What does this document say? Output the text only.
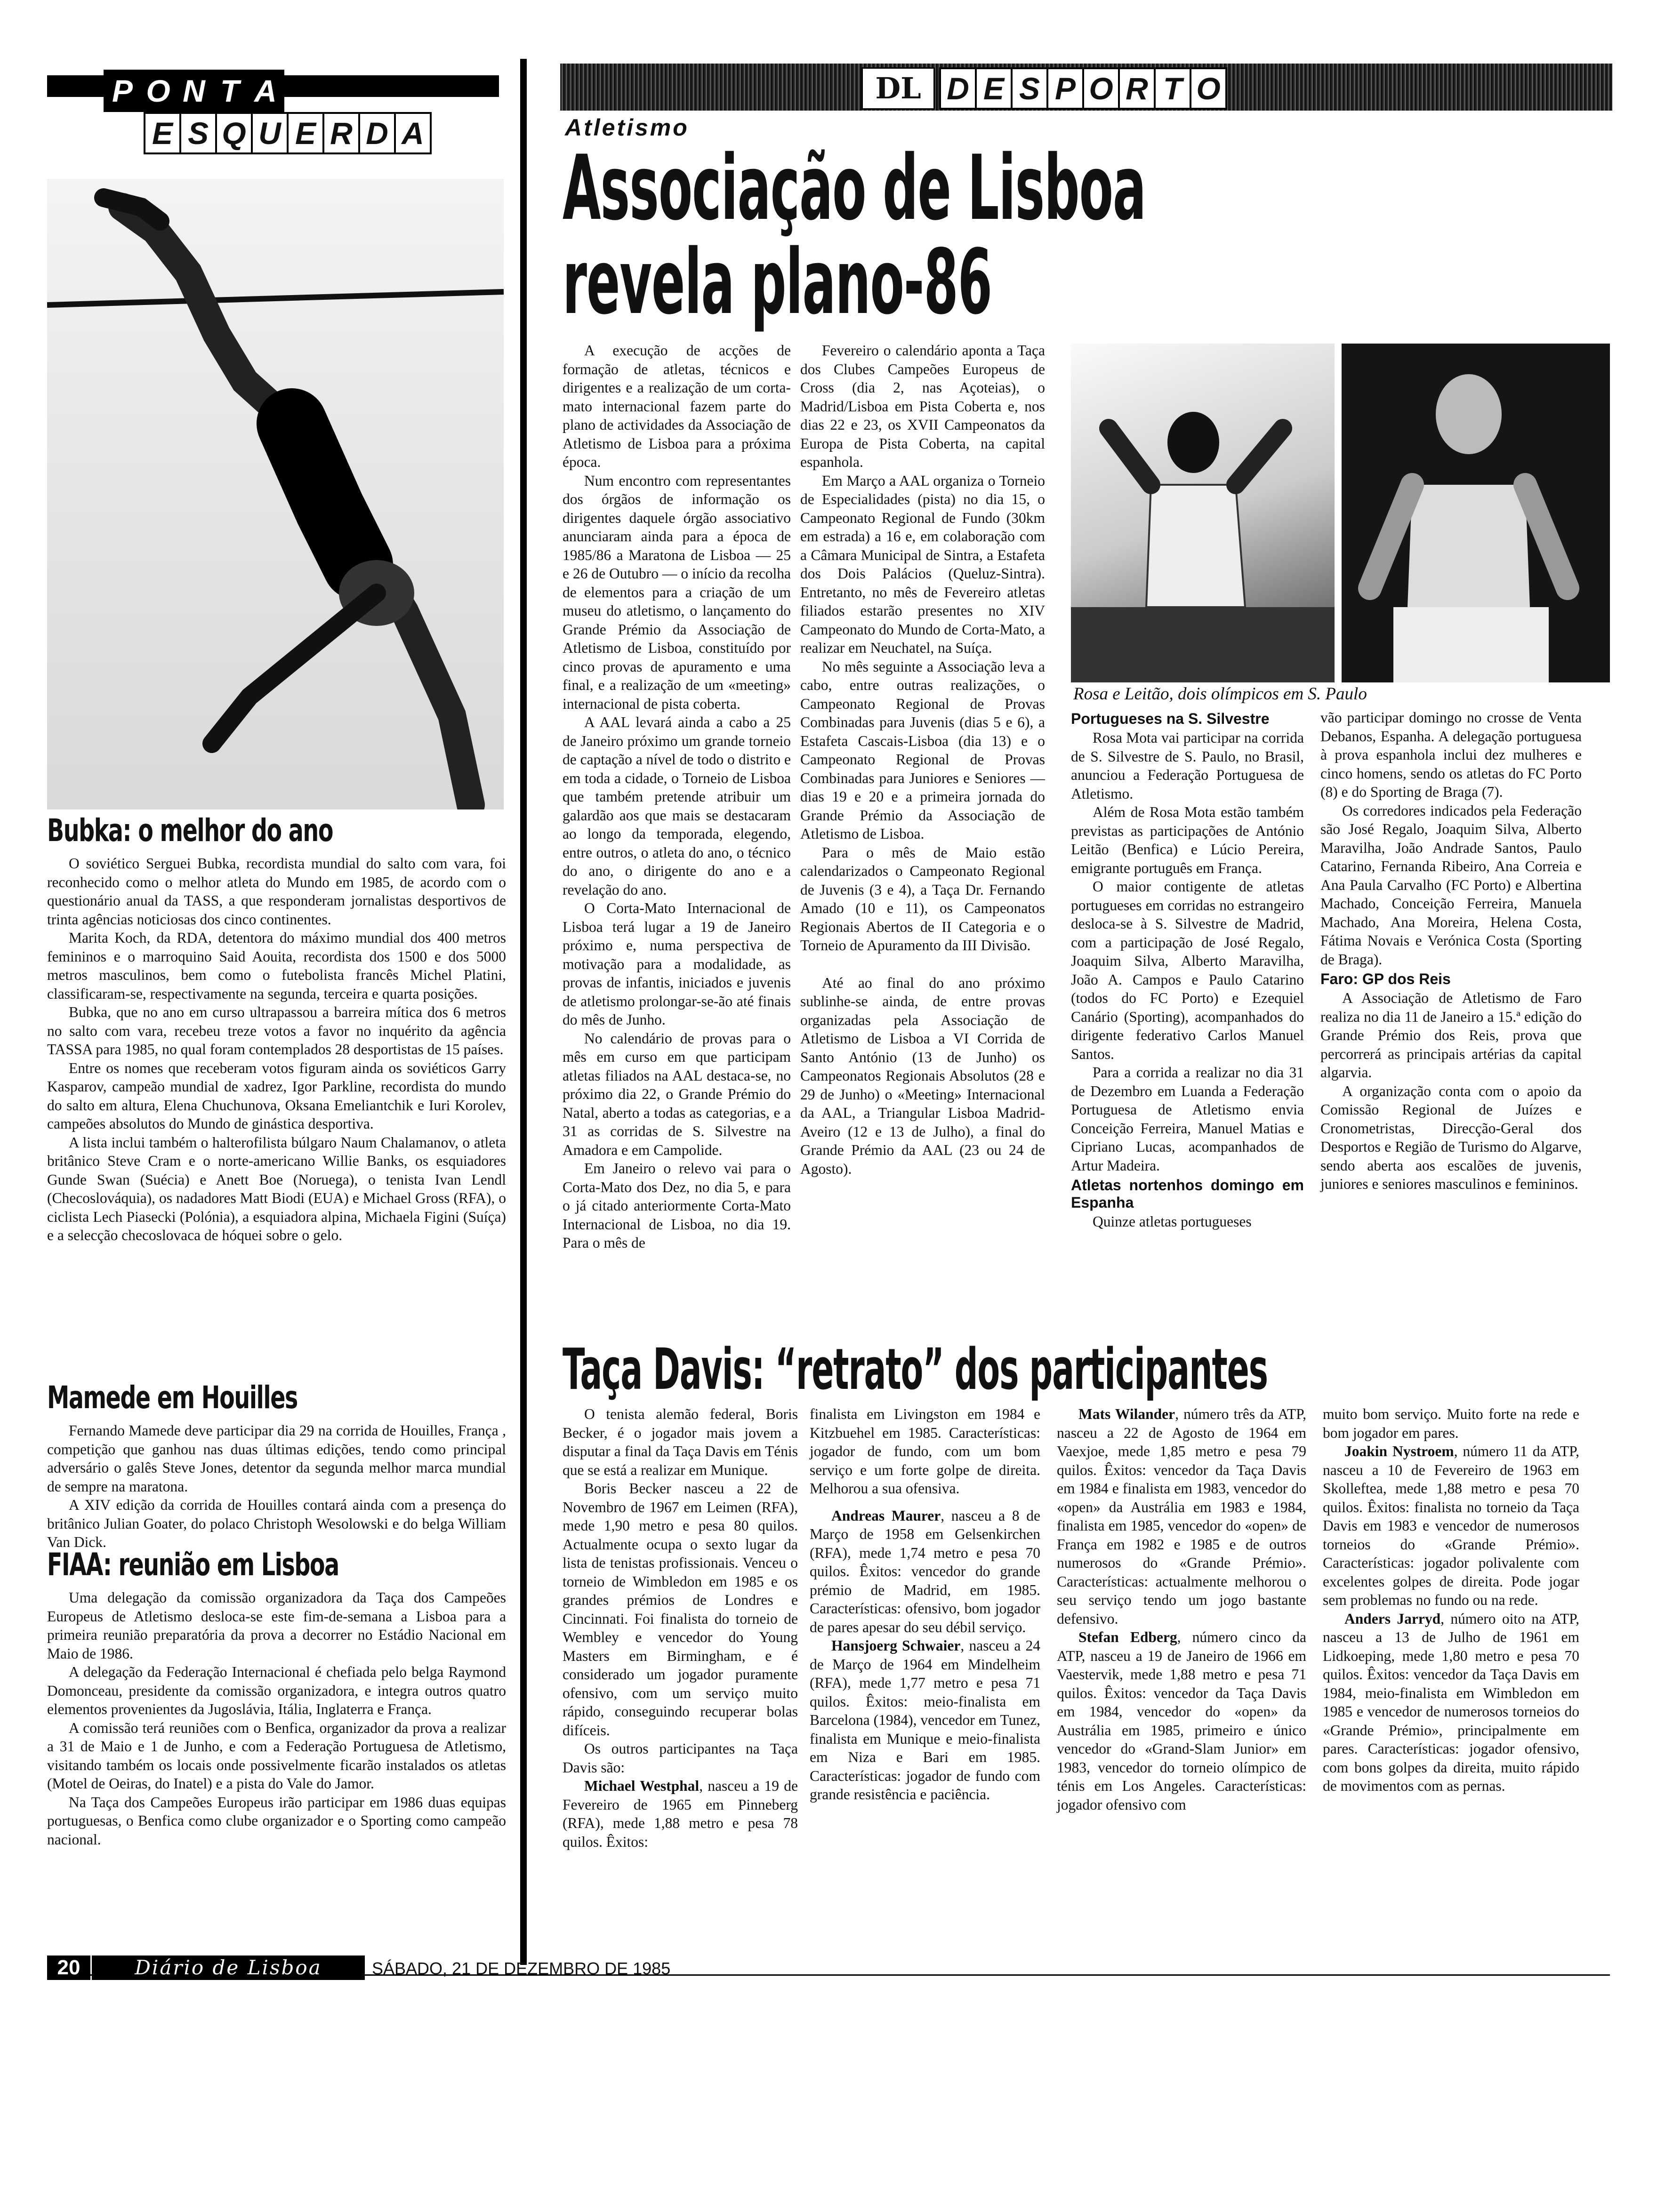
P O N T A
E S Q U E R D A
Bubka: o melhor do ano

O soviético Serguei Bubka, recordista mundial do salto com vara, foi reconhecido como o melhor atleta do Mundo em 1985, de acordo com o questionário anual da TASS, a que responderam jornalistas desportivos de trinta agências noticiosas dos cinco continentes.

Marita Koch, da RDA, detentora do máximo mundial dos 400 metros femininos e o marroquino Said Aouita, recordista dos 1500 e dos 5000 metros masculinos, bem como o futebolista francês Michel Platini, classificaram-se, respectivamente na segunda, terceira e quarta posições.

Bubka, que no ano em curso ultrapassou a barreira mítica dos 6 metros no salto com vara, recebeu treze votos a favor no inquérito da agência TASSA para 1985, no qual foram contemplados 28 desportistas de 15 países.

Entre os nomes que receberam votos figuram ainda os soviéticos Garry Kasparov, campeão mundial de xadrez, Igor Parkline, recordista do mundo do salto em altura, Elena Chuchunova, Oksana Emeliantchik e Iuri Korolev, campeões absolutos do Mundo de ginástica desportiva.

A lista inclui também o halterofilista búlgaro Naum Chalamanov, o atleta britânico Steve Cram e o norte-americano Willie Banks, os esquiadores Gunde Swan (Suécia) e Anett Boe (Noruega), o tenista Ivan Lendl (Checoslováquia), os nadadores Matt Biodi (EUA) e Michael Gross (RFA), o ciclista Lech Piasecki (Polónia), a esquiadora alpina, Michaela Figini (Suíça) e a selecção checoslovaca de hóquei sobre o gelo.

Mamede em Houilles

Fernando Mamede deve participar dia 29 na corrida de Houilles, França , competição que ganhou nas duas últimas edições, tendo como principal adversário o galês Steve Jones, detentor da segunda melhor marca mundial de sempre na maratona.

A XIV edição da corrida de Houilles contará ainda com a presença do britânico Julian Goater, do polaco Christoph Wesolowski e do belga William Van Dick.

FIAA: reunião em Lisboa

Uma delegação da comissão organizadora da Taça dos Campeões Europeus de Atletismo desloca-se este fim-de-semana a Lisboa para a primeira reunião preparatória da prova a decorrer no Estádio Nacional em Maio de 1986.

A delegação da Federação Internacional é chefiada pelo belga Raymond Domonceau, presidente da comissão organizadora, e integra outros quatro elementos provenientes da Jugoslávia, Itália, Inglaterra e França.

A comissão terá reuniões com o Benfica, organizador da prova a realizar a 31 de Maio e 1 de Junho, e com a Federação Portuguesa de Atletismo, visitando também os locais onde possivelmente ficarão instalados os atletas (Motel de Oeiras, do Inatel) e a pista do Vale do Jamor.

Na Taça dos Campeões Europeus irão participar em 1986 duas equipas portuguesas, o Benfica como clube organizador e o Sporting como campeão nacional.

DL D E S P O R T O
Atletismo
Associação de Lisboa
revela plano-86

A execução de acções de formação de atletas, técnicos e dirigentes e a realização de um corta-mato internacional fazem parte do plano de actividades da Associação de Atletismo de Lisboa para a próxima época.

Num encontro com representantes dos órgãos de informação os dirigentes daquele órgão associativo anunciaram ainda para a época de 1985/86 a Maratona de Lisboa — 25 e 26 de Outubro — o início da recolha de elementos para a criação de um museu do atletismo, o lançamento do Grande Prémio da Associação de Atletismo de Lisboa, constituído por cinco provas de apuramento e uma final, e a realização de um «meeting» internacional de pista coberta.

A AAL levará ainda a cabo a 25 de Janeiro próximo um grande torneio de captação a nível de todo o distrito e em toda a cidade, o Torneio de Lisboa que também pretende atribuir um galardão aos que mais se destacaram ao longo da temporada, elegendo, entre outros, o atleta do ano, o técnico do ano, o dirigente do ano e a revelação do ano.

O Corta-Mato Internacional de Lisboa terá lugar a 19 de Janeiro próximo e, numa perspectiva de motivação para a modalidade, as provas de infantis, iniciados e juvenis de atletismo prolongar-se-ão até finais do mês de Junho.

No calendário de provas para o mês em curso em que participam atletas filiados na AAL destaca-se, no próximo dia 22, o Grande Prémio do Natal, aberto a todas as categorias, e a 31 as corridas de S. Silvestre na Amadora e em Campolide.

Em Janeiro o relevo vai para o Corta-Mato dos Dez, no dia 5, e para o já citado anteriormente Corta-Mato Internacional de Lisboa, no dia 19. Para o mês de

Fevereiro o calendário aponta a Taça dos Clubes Campeões Europeus de Cross (dia 2, nas Açoteias), o Madrid/Lisboa em Pista Coberta e, nos dias 22 e 23, os XVII Campeonatos da Europa de Pista Coberta, na capital espanhola.

Em Março a AAL organiza o Torneio de Especialidades (pista) no dia 15, o Campeonato Regional de Fundo (30km em estrada) a 16 e, em colaboração com a Câmara Municipal de Sintra, a Estafeta dos Dois Palácios (Queluz-Sintra). Entretanto, no mês de Fevereiro atletas filiados estarão presentes no XIV Campeonato do Mundo de Corta-Mato, a realizar em Neuchatel, na Suíça.

No mês seguinte a Associação leva a cabo, entre outras realizações, o Campeonato Regional de Provas Combinadas para Juvenis (dias 5 e 6), a Estafeta Cascais-Lisboa (dia 13) e o Campeonato Regional de Provas Combinadas para Juniores e Seniores — dias 19 e 20 e a primeira jornada do Grande Prémio da Associação de Atletismo de Lisboa.

Para o mês de Maio estão calendarizados o Campeonato Regional de Juvenis (3 e 4), a Taça Dr. Fernando Amado (10 e 11), os Campeonatos Regionais Abertos de II Categoria e o Torneio de Apuramento da III Divisão.

Até ao final do ano próximo sublinhe-se ainda, de entre provas organizadas pela Associação de Atletismo de Lisboa a VI Corrida de Santo António (13 de Junho) os Campeonatos Regionais Absolutos (28 e 29 de Junho) o «Meeting» Internacional da AAL, a Triangular Lisboa Madrid-Aveiro (12 e 13 de Julho), a final do Grande Prémio da AAL (23 ou 24 de Agosto).

Rosa e Leitão, dois olímpicos em S. Paulo
Portugueses na S. Silvestre

Rosa Mota vai participar na corrida de S. Silvestre de S. Paulo, no Brasil, anunciou a Federação Portuguesa de Atletismo.

Além de Rosa Mota estão também previstas as participações de António Leitão (Benfica) e Lúcio Pereira, emigrante português em França.

O maior contigente de atletas portugueses em corridas no estrangeiro desloca-se à S. Silvestre de Madrid, com a participação de José Regalo, Joaquim Silva, Alberto Maravilha, João A. Campos e Paulo Catarino (todos do FC Porto) e Ezequiel Canário (Sporting), acompanhados do dirigente federativo Carlos Manuel Santos.

Para a corrida a realizar no dia 31 de Dezembro em Luanda a Federação Portuguesa de Atletismo envia Conceição Ferreira, Manuel Matias e Cipriano Lucas, acompanhados de Artur Madeira.

Atletas nortenhos domingo em Espanha

Quinze atletas portugueses

vão participar domingo no crosse de Venta Debanos, Espanha. A delegação portuguesa à prova espanhola inclui dez mulheres e cinco homens, sendo os atletas do FC Porto (8) e do Sporting de Braga (7).

Os corredores indicados pela Federação são José Regalo, Joaquim Silva, Alberto Maravilha, João Andrade Santos, Paulo Catarino, Fernanda Ribeiro, Ana Correia e Ana Paula Carvalho (FC Porto) e Albertina Machado, Conceição Ferreira, Manuela Machado, Ana Moreira, Helena Costa, Fátima Novais e Verónica Costa (Sporting de Braga).

Faro: GP dos Reis

A Associação de Atletismo de Faro realiza no dia 11 de Janeiro a 15.ª edição do Grande Prémio dos Reis, prova que percorrerá as principais artérias da capital algarvia.

A organização conta com o apoio da Comissão Regional de Juízes e Cronometristas, Direcção-Geral dos Desportos e Região de Turismo do Algarve, sendo aberta aos escalões de juvenis, juniores e seniores masculinos e femininos.

Taça Davis: “retrato” dos participantes

O tenista alemão federal, Boris Becker, é o jogador mais jovem a disputar a final da Taça Davis em Ténis que se está a realizar em Munique.

Boris Becker nasceu a 22 de Novembro de 1967 em Leimen (RFA), mede 1,90 metro e pesa 80 quilos. Actualmente ocupa o sexto lugar da lista de tenistas profissionais. Venceu o torneio de Wimbledon em 1985 e os grandes prémios de Londres e Cincinnati. Foi finalista do torneio de Wembley e vencedor do Young Masters em Birmingham, e é considerado um jogador puramente ofensivo, com um serviço muito rápido, conseguindo recuperar bolas difíceis.

Os outros participantes na Taça Davis são:

Michael Westphal, nasceu a 19 de Fevereiro de 1965 em Pinneberg (RFA), mede 1,88 metro e pesa 78 quilos. Êxitos:

finalista em Livingston em 1984 e Kitzbuehel em 1985. Características: jogador de fundo, com um bom serviço e um forte golpe de direita. Melhorou a sua ofensiva.

Andreas Maurer, nasceu a 8 de Março de 1958 em Gelsenkirchen (RFA), mede 1,74 metro e pesa 70 quilos. Êxitos: vencedor do grande prémio de Madrid, em 1985. Características: ofensivo, bom jogador de pares apesar do seu débil serviço.

Hansjoerg Schwaier, nasceu a 24 de Março de 1964 em Mindelheim (RFA), mede 1,77 metro e pesa 71 quilos. Êxitos: meio-finalista em Barcelona (1984), vencedor em Tunez, finalista em Munique e meio-finalista em Niza e Bari em 1985. Características: jogador de fundo com grande resistência e paciência.

Mats Wilander, número três da ATP, nasceu a 22 de Agosto de 1964 em Vaexjoe, mede 1,85 metro e pesa 79 quilos. Êxitos: vencedor da Taça Davis em 1984 e finalista em 1983, vencedor do «open» da Austrália em 1983 e 1984, finalista em 1985, vencedor do «open» de França em 1982 e 1985 e de outros numerosos do «Grande Prémio». Características: actualmente melhorou o seu serviço tendo um jogo bastante defensivo.

Stefan Edberg, número cinco da ATP, nasceu a 19 de Janeiro de 1966 em Vaestervik, mede 1,88 metro e pesa 71 quilos. Êxitos: vencedor da Taça Davis em 1984, vencedor do «open» da Austrália em 1985, primeiro e único vencedor do «Grand-Slam Junior» em 1983, vencedor do torneio olímpico de ténis em Los Angeles. Características: jogador ofensivo com

muito bom serviço. Muito forte na rede e bom jogador em pares.

Joakin Nystroem, número 11 da ATP, nasceu a 10 de Fevereiro de 1963 em Skolleftea, mede 1,88 metro e pesa 70 quilos. Êxitos: finalista no torneio da Taça Davis em 1983 e vencedor de numerosos torneios do «Grande Prémio». Características: jogador polivalente com excelentes golpes de direita. Pode jogar sem problemas no fundo ou na rede.

Anders Jarryd, número oito na ATP, nasceu a 13 de Julho de 1961 em Lidkoeping, mede 1,80 metro e pesa 70 quilos. Êxitos: vencedor da Taça Davis em 1984, meio-finalista em Wimbledon em 1985 e vencedor de numerosos torneios do «Grande Prémio», principalmente em pares. Características: jogador ofensivo, com bons golpes da direita, muito rápido de movimentos com as pernas.

20	Diário de Lisboa	SÁBADO, 21 DE DEZEMBRO DE 1985
